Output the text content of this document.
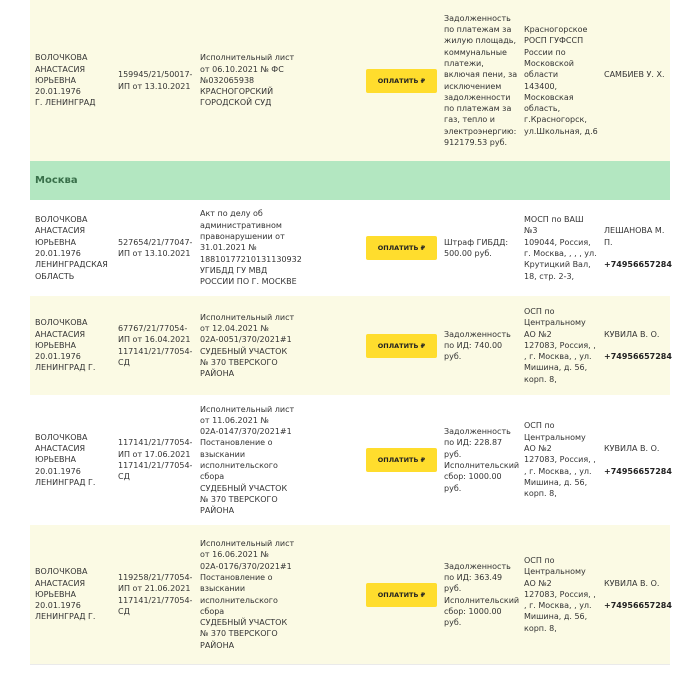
ВОЛОЧКОВА
АНАСТАСИЯ
ЮРЬЕВНА
20.01.1976
Г. ЛЕНИНГРАД
159945/21/50017-
ИП от 13.10.2021
Исполнительный лист
от 06.10.2021 № ФС
№032065938
КРАСНОГОРСКИЙ
ГОРОДСКОЙ СУД
ОПЛАТИТЬ ₽
Задолженность
по платежам за
жилую площадь,
коммунальные
платежи,
включая пени, за
исключением
задолженности
по платежам за
газ, тепло и
электроэнергию:
912179.53 руб.
Красногорское
РОСП ГУФССП
России по
Московской
области
143400,
Московская
область,
г.Красногорск,
ул.Школьная, д.6

САМБИЕВ У. Х.

Москва
ВОЛОЧКОВА
АНАСТАСИЯ
ЮРЬЕВНА
20.01.1976
ЛЕНИНГРАДСКАЯ
ОБЛАСТЬ
527654/21/77047-
ИП от 13.10.2021
Акт по делу об
административном
правонарушении от
31.01.2021 №
18810177210131130932
УГИБДД ГУ МВД
РОССИИ ПО Г. МОСКВЕ
ОПЛАТИТЬ ₽
Штраф ГИБДД:
500.00 руб.
МОСП по ВАШ
№3
109044, Россия,
г. Москва, , , , ул.
Крутицкий Вал,
18, стр. 2-3,

ЛЕШАНОВА М.
П.

+74956657284

ВОЛОЧКОВА
АНАСТАСИЯ
ЮРЬЕВНА
20.01.1976
ЛЕНИНГРАД Г.
67767/21/77054-
ИП от 16.04.2021
117141/21/77054-
СД
Исполнительный лист
от 12.04.2021 №
02А-0051/370/2021#1
СУДЕБНЫЙ УЧАСТОК
№ 370 ТВЕРСКОГО
РАЙОНА
ОПЛАТИТЬ ₽
Задолженность
по ИД: 740.00
руб.
ОСП по
Центральному
АО №2
127083, Россия, ,
, г. Москва, , ул.
Мишина, д. 56,
корп. 8,

КУВИЛА В. О.

+74956657284

ВОЛОЧКОВА
АНАСТАСИЯ
ЮРЬЕВНА
20.01.1976
ЛЕНИНГРАД Г.
117141/21/77054-
ИП от 17.06.2021
117141/21/77054-
СД
Исполнительный лист
от 11.06.2021 №
02А-0147/370/2021#1
Постановление о
взыскании
исполнительского
сбора
СУДЕБНЫЙ УЧАСТОК
№ 370 ТВЕРСКОГО
РАЙОНА
ОПЛАТИТЬ ₽
Задолженность
по ИД: 228.87
руб.
Исполнительский
сбор: 1000.00
руб.
ОСП по
Центральному
АО №2
127083, Россия, ,
, г. Москва, , ул.
Мишина, д. 56,
корп. 8,

КУВИЛА В. О.

+74956657284

ВОЛОЧКОВА
АНАСТАСИЯ
ЮРЬЕВНА
20.01.1976
ЛЕНИНГРАД Г.
119258/21/77054-
ИП от 21.06.2021
117141/21/77054-
СД
Исполнительный лист
от 16.06.2021 №
02А-0176/370/2021#1
Постановление о
взыскании
исполнительского
сбора
СУДЕБНЫЙ УЧАСТОК
№ 370 ТВЕРСКОГО
РАЙОНА
ОПЛАТИТЬ ₽
Задолженность
по ИД: 363.49
руб.
Исполнительский
сбор: 1000.00
руб.
ОСП по
Центральному
АО №2
127083, Россия, ,
, г. Москва, , ул.
Мишина, д. 56,
корп. 8,

КУВИЛА В. О.

+74956657284
